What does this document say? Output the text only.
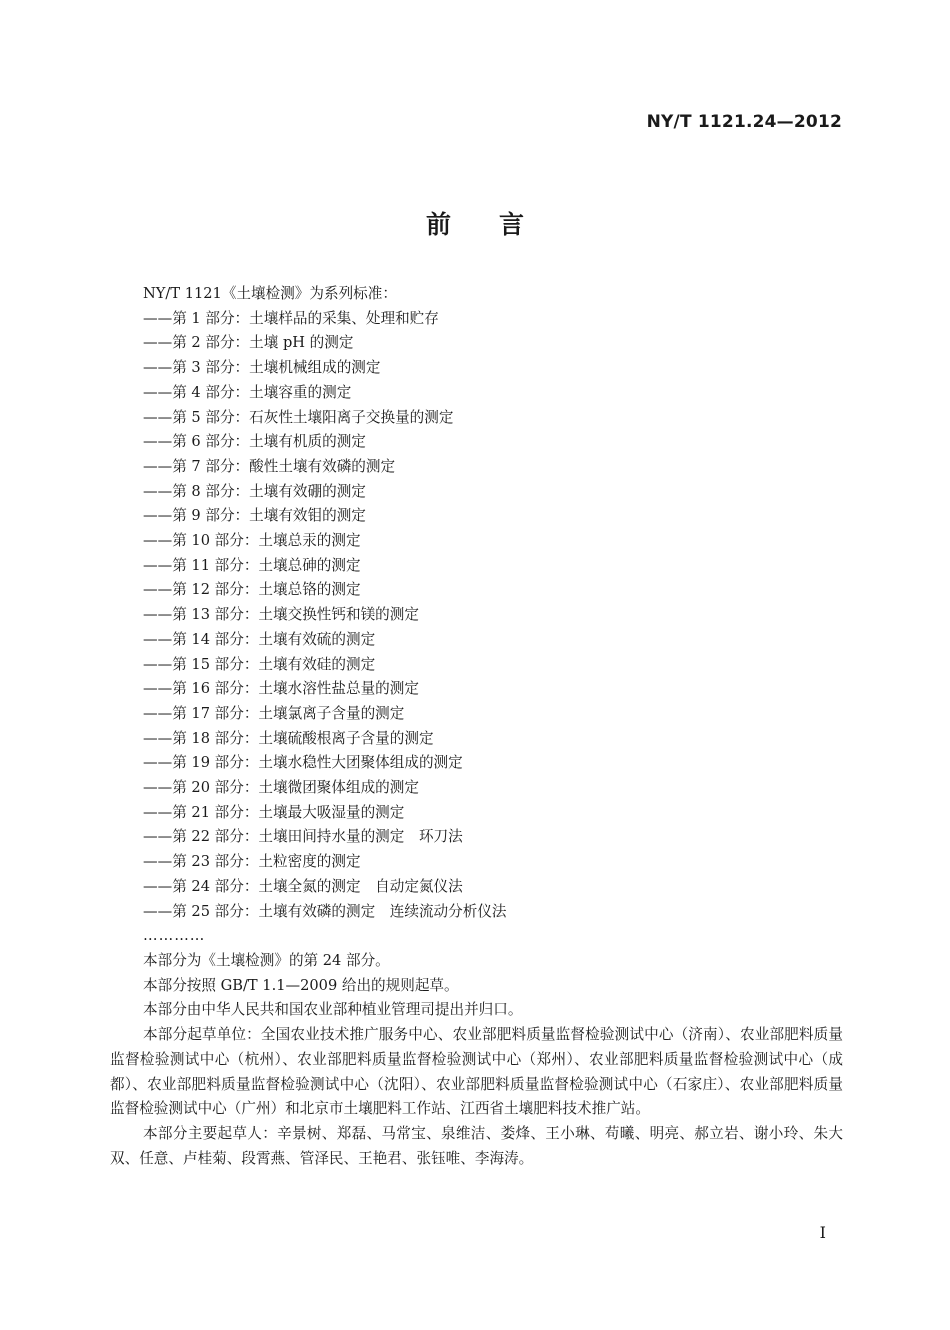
NY/T 1121.24—2012
前言

NY/T 1121《土壤检测》为系列标准：

——第 1 部分：土壤样品的采集、处理和贮存

——第 2 部分：土壤 pH 的测定

——第 3 部分：土壤机械组成的测定

——第 4 部分：土壤容重的测定

——第 5 部分：石灰性土壤阳离子交换量的测定

——第 6 部分：土壤有机质的测定

——第 7 部分：酸性土壤有效磷的测定

——第 8 部分：土壤有效硼的测定

——第 9 部分：土壤有效钼的测定

——第 10 部分：土壤总汞的测定

——第 11 部分：土壤总砷的测定

——第 12 部分：土壤总铬的测定

——第 13 部分：土壤交换性钙和镁的测定

——第 14 部分：土壤有效硫的测定

——第 15 部分：土壤有效硅的测定

——第 16 部分：土壤水溶性盐总量的测定

——第 17 部分：土壤氯离子含量的测定

——第 18 部分：土壤硫酸根离子含量的测定

——第 19 部分：土壤水稳性大团聚体组成的测定

——第 20 部分：土壤微团聚体组成的测定

——第 21 部分：土壤最大吸湿量的测定

——第 22 部分：土壤田间持水量的测定　环刀法

——第 23 部分：土粒密度的测定

——第 24 部分：土壤全氮的测定　自动定氮仪法

——第 25 部分：土壤有效磷的测定　连续流动分析仪法

…………

本部分为《土壤检测》的第 24 部分。

本部分按照 GB/T 1.1—2009 给出的规则起草。

本部分由中华人民共和国农业部种植业管理司提出并归口。

本部分起草单位：全国农业技术推广服务中心、农业部肥料质量监督检验测试中心（济南）、农业部肥料质量监督检验测试中心（杭州）、农业部肥料质量监督检验测试中心（郑州）、农业部肥料质量监督检验测试中心（成都）、农业部肥料质量监督检验测试中心（沈阳）、农业部肥料质量监督检验测试中心（石家庄）、农业部肥料质量监督检验测试中心（广州）和北京市土壤肥料工作站、江西省土壤肥料技术推广站。

本部分主要起草人：辛景树、郑磊、马常宝、泉维洁、娄烽、王小琳、苟曦、明亮、郝立岩、谢小玲、朱大双、任意、卢桂菊、段霄燕、管泽民、王艳君、张钰唯、李海涛。

I
